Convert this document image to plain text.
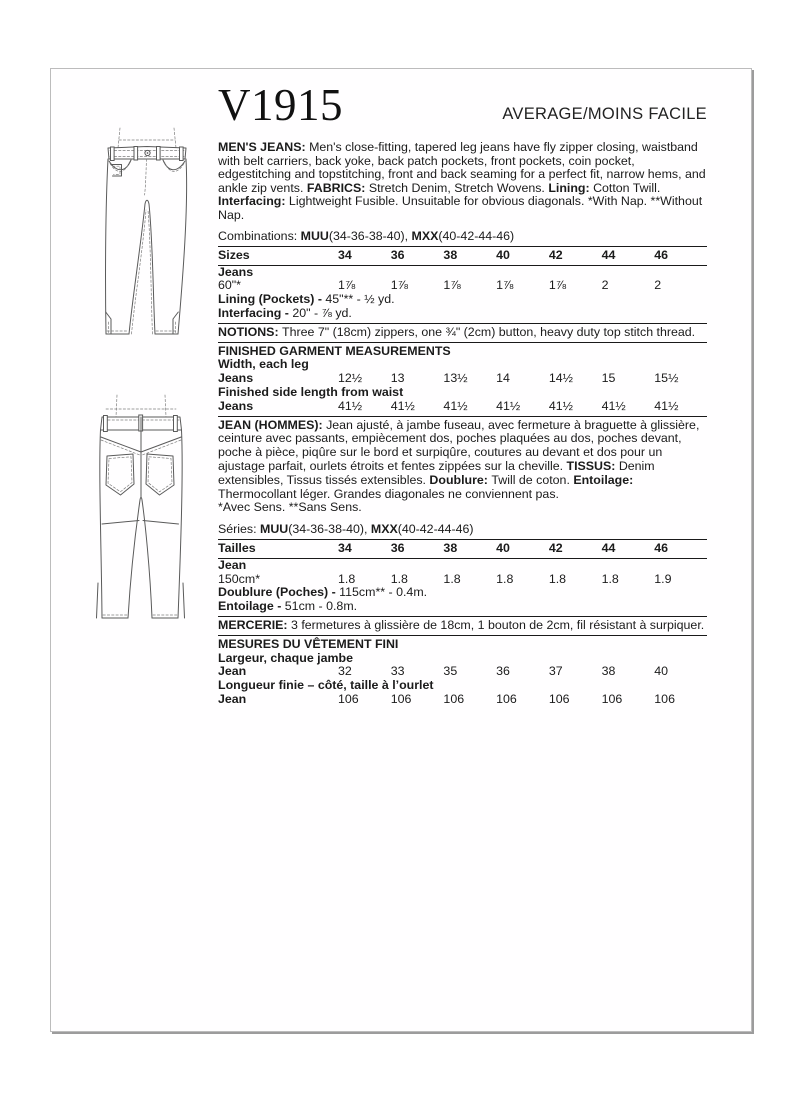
V1915	AVERAGE/MOINS FACILE
MEN'S JEANS: Men's close-fitting, tapered leg jeans have fly zipper closing, waistband with belt carriers, back yoke, back patch pockets, front pockets, coin pocket, edgestitching and topstitching, front and back seaming for a perfect fit, narrow hems, and ankle zip vents. FABRICS: Stretch Denim, Stretch Wovens. Lining: Cotton Twill. Interfacing: Lightweight Fusible. Unsuitable for obvious diagonals. *With Nap. **Without Nap.
Combinations: MUU(34-36-38-40), MXX(40-42-44-46)
Sizes	34	36	38	40	42	44	46
Jeans
60"*	1⅞	1⅞	1⅞	1⅞	1⅞	2	2
Lining (Pockets) - 45"** - ½ yd.
Interfacing - 20" - ⅞ yd.
NOTIONS: Three 7" (18cm) zippers, one ¾" (2cm) button, heavy duty top stitch thread.
FINISHED GARMENT MEASUREMENTS
Width, each leg
Jeans	12½	13	13½	14	14½	15	15½
Finished side length from waist
Jeans	41½	41½	41½	41½	41½	41½	41½
JEAN (HOMMES): Jean ajusté, à jambe fuseau, avec fermeture à braguette à glissière, ceinture avec passants, empiècement dos, poches plaquées au dos, poches devant, poche à pièce, piqûre sur le bord et surpiqûre, coutures au devant et dos pour un ajustage parfait, ourlets étroits et fentes zippées sur la cheville. TISSUS: Denim extensibles, Tissus tissés extensibles. Doublure: Twill de coton. Entoilage: Thermocollant léger. Grandes diagonales ne conviennent pas.
*Avec Sens. **Sans Sens.
Séries: MUU(34-36-38-40), MXX(40-42-44-46)
Tailles	34	36	38	40	42	44	46
Jean
150cm*	1.8	1.8	1.8	1.8	1.8	1.8	1.9
Doublure (Poches) - 115cm** - 0.4m.
Entoilage - 51cm - 0.8m.
MERCERIE: 3 fermetures à glissière de 18cm, 1 bouton de 2cm, fil résistant à surpiquer.
MESURES DU VÊTEMENT FINI
Largeur, chaque jambe
Jean	32	33	35	36	37	38	40
Longueur finie – côté, taille à l’ourlet
Jean	106	106	106	106	106	106	106
